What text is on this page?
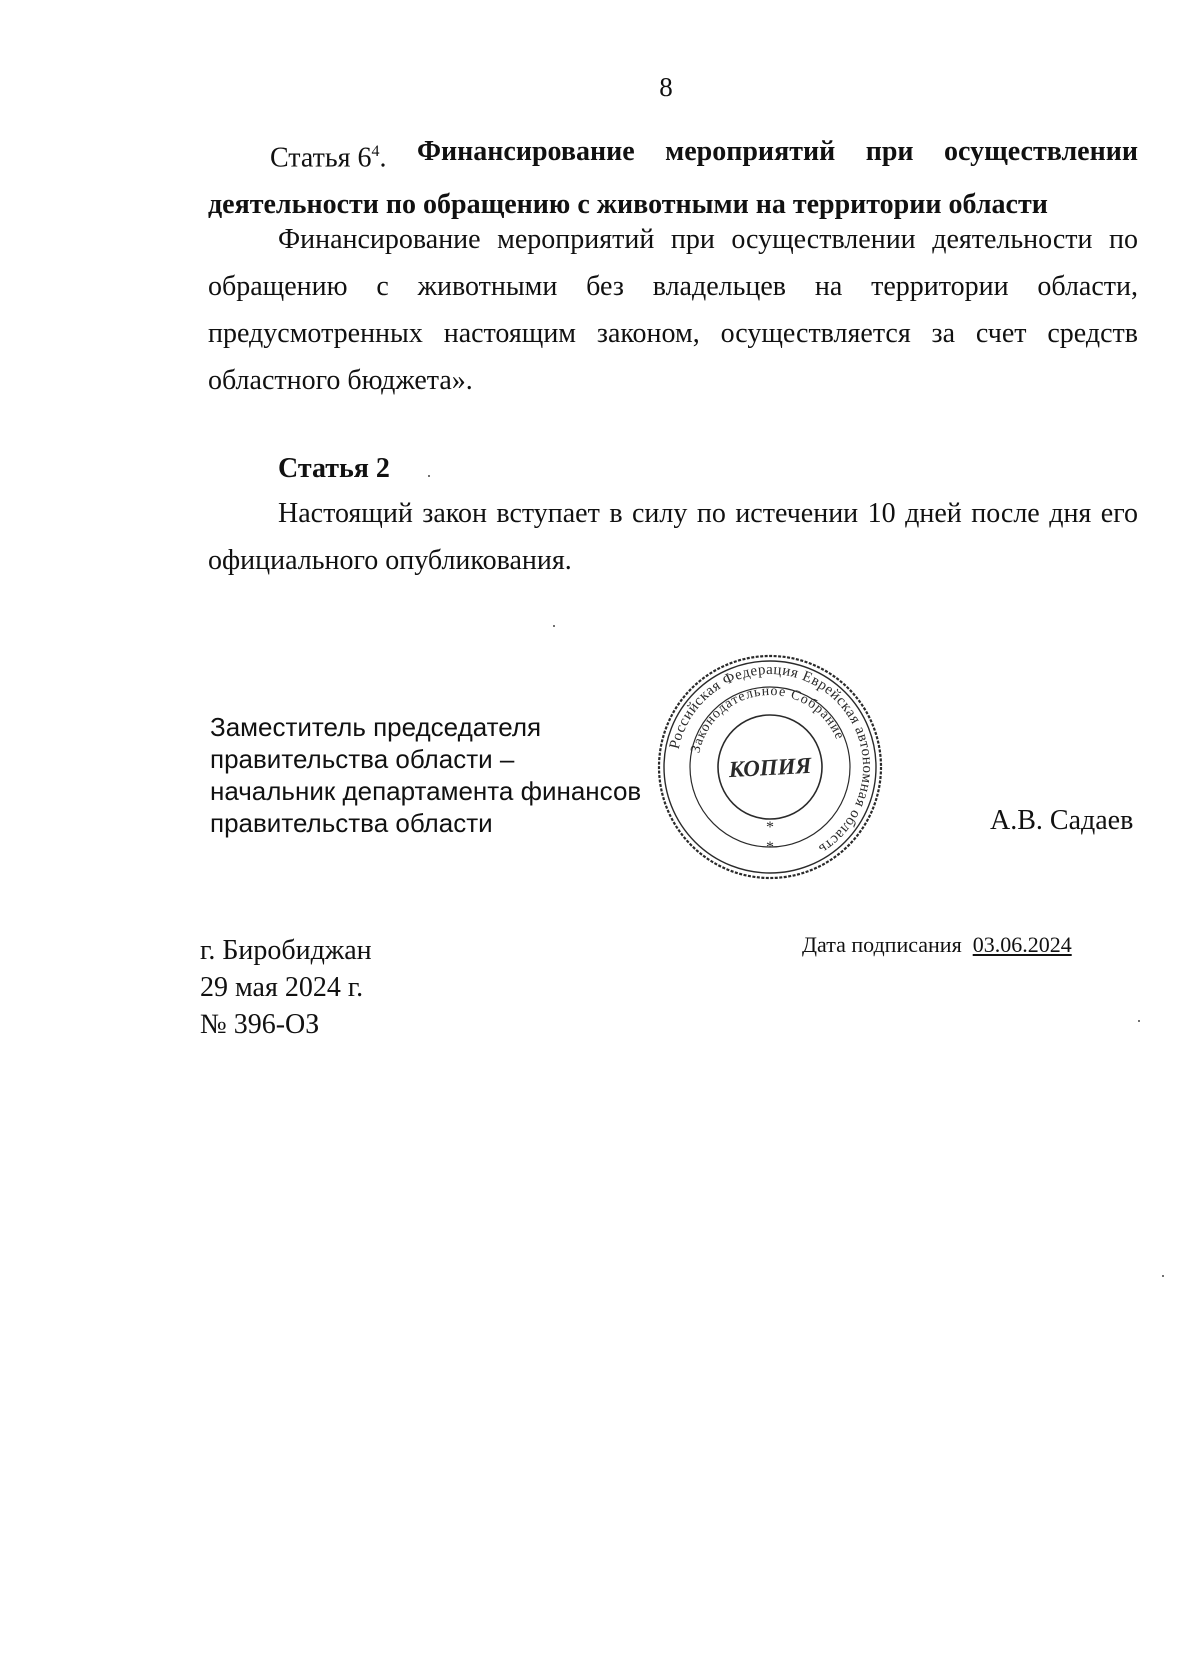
8
Статья $6^4$. Финансирование мероприятий при осуществлении
деятельности по обращению с животными на территории области
Финансирование мероприятий при осуществлении деятельности по обращению с животными без владельцев на территории области, предусмотренных настоящим законом, осуществляется за счет средств областного бюджета».
Статья 2
Настоящий закон вступает в силу по истечении 10 дней после дня его официального опубликования.
Заместитель председателя
правительства области –
начальник департамента финансов
правительства области
Российская Федерация Еврейская автономная область
Законодательное Собрание
КОПИЯ
*
*
А.В. Садаев
г. Биробиджан
29 мая 2024 г.
№ 396-ОЗ
Дата подписания 03.06.2024
